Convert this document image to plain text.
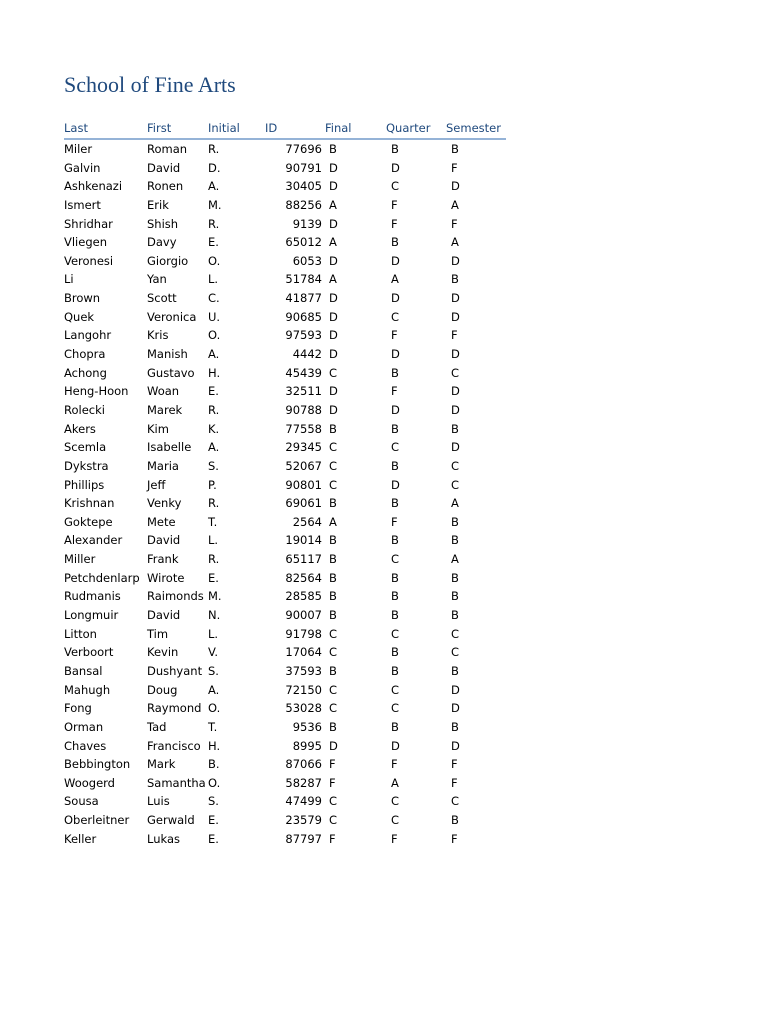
School of Fine Arts
Last	First	Initial	ID	Final	Quarter	Semester
Miler	Roman	R.	77696 B	B	B
Galvin	David	D.	90791 D	D	F
Ashkenazi	Ronen	A.	30405 D	C	D
Ismert	Erik	M.	88256 A	F	A
Shridhar	Shish	R.	9139 D	F	F
Vliegen	Davy	E.	65012 A	B	A
Veronesi	Giorgio	O.	6053 D	D	D
Li	Yan	L.	51784 A	A	B
Brown	Scott	C.	41877 D	D	D
Quek	Veronica	U.	90685 D	C	D
Langohr	Kris	O.	97593 D	F	F
Chopra	Manish	A.	4442 D	D	D
Achong	Gustavo	H.	45439 C	B	C
Heng-Hoon	Woan	E.	32511 D	F	D
Rolecki	Marek	R.	90788 D	D	D
Akers	Kim	K.	77558 B	B	B
Scemla	Isabelle	A.	29345 C	C	D
Dykstra	Maria	S.	52067 C	B	C
Phillips	Jeff	P.	90801 C	D	C
Krishnan	Venky	R.	69061 B	B	A
Goktepe	Mete	T.	2564 A	F	B
Alexander	David	L.	19014 B	B	B
Miller	Frank	R.	65117 B	C	A
Petchdenlarp Wirote	E.	82564 B	B	B
Rudmanis	Raimonds M.	28585 B	B	B
Longmuir	David	N.	90007 B	B	B
Litton	Tim	L.	91798 C	C	C
Verboort	Kevin	V.	17064 C	B	C
Bansal	Dushyant S.	37593 B	B	B
Mahugh	Doug	A.	72150 C	C	D
Fong	Raymond O.	53028 C	C	D
Orman	Tad	T.	9536 B	B	B
Chaves	Francisco H.	8995 D	D	D
Bebbington	Mark	B.	87066 F	F	F
Woogerd	Samantha O.	58287 F	A	F
Sousa	Luis	S.	47499 C	C	C
Oberleitner	Gerwald	E.	23579 C	C	B
Keller	Lukas	E.	87797 F	F	F
